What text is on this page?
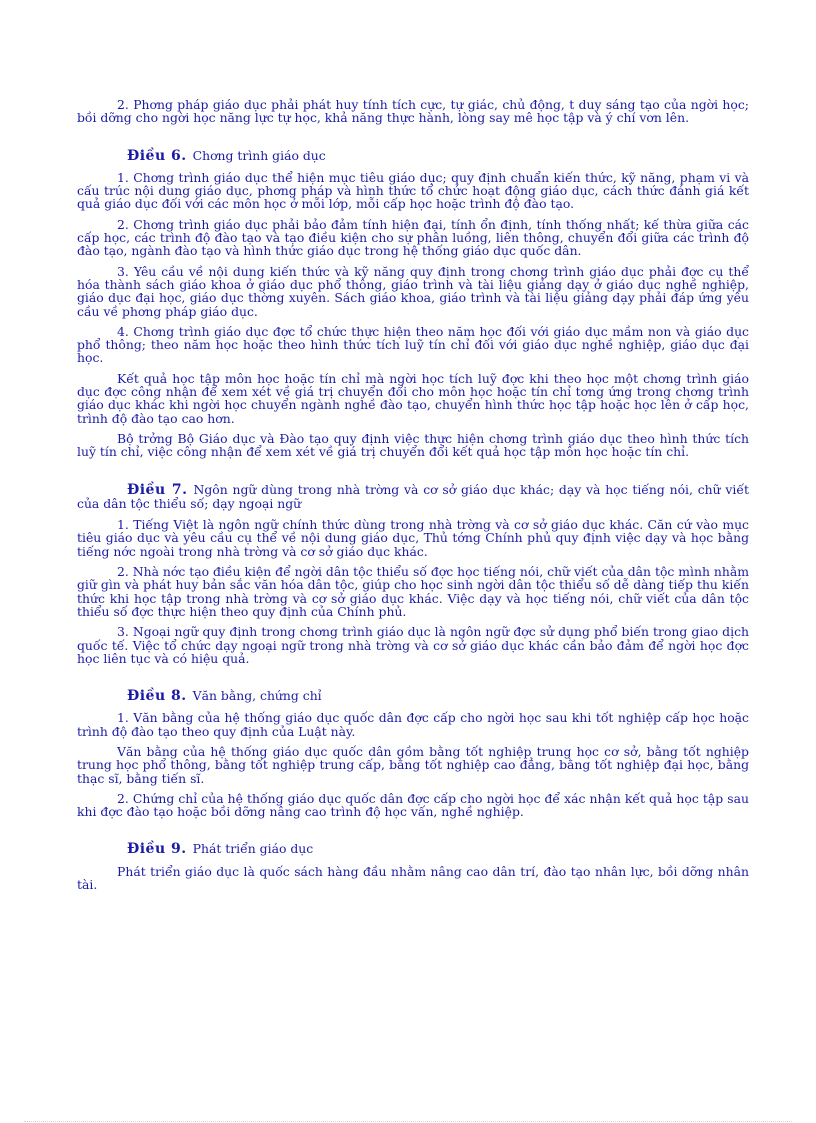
2. Phơng pháp giáo dục phải phát huy tính tích cực, tự giác, chủ động, t duy sáng tạo của ngời học; bồi dỡng cho ngời học năng lực tự học, khả năng thực hành, lòng say mê học tập và ý chí vơn lên.

Điều 6. Chơng trình giáo dục

1. Chơng trình giáo dục thể hiện mục tiêu giáo dục; quy định chuẩn kiến thức, kỹ năng, phạm vi và cấu trúc nội dung giáo dục, phơng pháp và hình thức tổ chức hoạt động giáo dục, cách thức đánh giá kết quả giáo dục đối với các môn học ở mỗi lớp, mỗi cấp học hoặc trình độ đào tạo.

2. Chơng trình giáo dục phải bảo đảm tính hiện đại, tính ổn định, tính thống nhất; kế thừa giữa các cấp học, các trình độ đào tạo và tạo điều kiện cho sự phân luồng, liên thông, chuyển đổi giữa các trình độ đào tạo, ngành đào tạo và hình thức giáo dục trong hệ thống giáo dục quốc dân.

3. Yêu cầu về nội dung kiến thức và kỹ năng quy định trong chơng trình giáo dục phải đợc cụ thể hóa thành sách giáo khoa ở giáo dục phổ thông, giáo trình và tài liệu giảng dạy ở giáo dục nghề nghiệp, giáo dục đại học, giáo dục thờng xuyên. Sách giáo khoa, giáo trình và tài liệu giảng dạy phải đáp ứng yêu cầu về phơng pháp giáo dục.

4. Chơng trình giáo dục đợc tổ chức thực hiện theo năm học đối với giáo dục mầm non và giáo dục phổ thông; theo năm học hoặc theo hình thức tích luỹ tín chỉ đối với giáo dục nghề nghiệp, giáo dục đại học.

Kết quả học tập môn học hoặc tín chỉ mà ngời học tích luỹ đợc khi theo học một chơng trình giáo dục đợc công nhận để xem xét về giá trị chuyển đổi cho môn học hoặc tín chỉ tơng ứng trong chơng trình giáo dục khác khi ngời học chuyển ngành nghề đào tạo, chuyển hình thức học tập hoặc học lên ở cấp học, trình độ đào tạo cao hơn.

Bộ trởng Bộ Giáo dục và Đào tạo quy định việc thực hiện chơng trình giáo dục theo hình thức tích luỹ tín chỉ, việc công nhận để xem xét về giá trị chuyển đổi kết quả học tập môn học hoặc tín chỉ.

Điều 7. Ngôn ngữ dùng trong nhà trờng và cơ sở giáo dục khác; dạy và học tiếng nói, chữ viết của dân tộc thiểu số; dạy ngoại ngữ

1. Tiếng Việt là ngôn ngữ chính thức dùng trong nhà trờng và cơ sở giáo dục khác. Căn cứ vào mục tiêu giáo dục và yêu cầu cụ thể về nội dung giáo dục, Thủ tớng Chính phủ quy định việc dạy và học bằng tiếng nớc ngoài trong nhà trờng và cơ sở giáo dục khác.

2. Nhà nớc tạo điều kiện để ngời dân tộc thiểu số đợc học tiếng nói, chữ viết của dân tộc mình nhằm giữ gìn và phát huy bản sắc văn hóa dân tộc, giúp cho học sinh ngời dân tộc thiểu số dễ dàng tiếp thu kiến thức khi học tập trong nhà trờng và cơ sở giáo dục khác. Việc dạy và học tiếng nói, chữ viết của dân tộc thiểu số đợc thực hiện theo quy định của Chính phủ.

3. Ngoại ngữ quy định trong chơng trình giáo dục là ngôn ngữ đợc sử dụng phổ biến trong giao dịch quốc tế. Việc tổ chức dạy ngoại ngữ trong nhà trờng và cơ sở giáo dục khác cần bảo đảm để ngời học đợc học liên tục và có hiệu quả.

Điều 8. Văn bằng, chứng chỉ

1. Văn bằng của hệ thống giáo dục quốc dân đợc cấp cho ngời học sau khi tốt nghiệp cấp học hoặc trình độ đào tạo theo quy định của Luật này.

Văn bằng của hệ thống giáo dục quốc dân gồm bằng tốt nghiệp trung học cơ sở, bằng tốt nghiệp trung học phổ thông, bằng tốt nghiệp trung cấp, bằng tốt nghiệp cao đẳng, bằng tốt nghiệp đại học, bằng thạc sĩ, bằng tiến sĩ.

2. Chứng chỉ của hệ thống giáo dục quốc dân đợc cấp cho ngời học để xác nhận kết quả học tập sau khi đợc đào tạo hoặc bồi dỡng nâng cao trình độ học vấn, nghề nghiệp.

Điều 9. Phát triển giáo dục

Phát triển giáo dục là quốc sách hàng đầu nhằm nâng cao dân trí, đào tạo nhân lực, bồi dỡng nhân tài.
